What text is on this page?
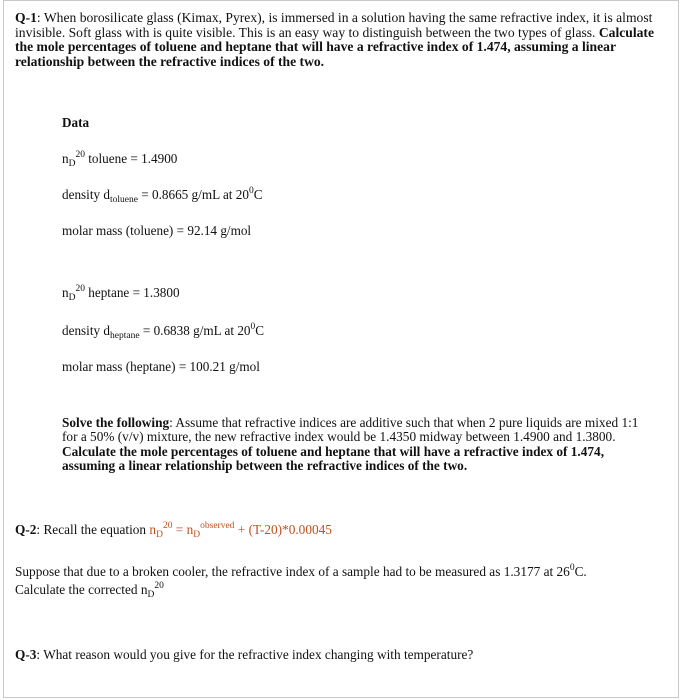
Q-1: When borosilicate glass (Kimax, Pyrex), is immersed in a solution having the same refractive index, it is almost invisible. Soft glass with is quite visible. This is an easy way to distinguish between the two types of glass. Calculate the mole percentages of toluene and heptane that will have a refractive index of 1.474, assuming a linear relationship between the refractive indices of the two.
Data
$n_D^{20}$ toluene = 1.4900
density $d_{toluene} = 0.8665$ g/mL at $20^0C$
molar mass (toluene) = 92.14 g/mol
$n_D^{20}$ heptane = 1.3800
density $d_{heptane} = 0.6838$ g/mL at $20^0C$
molar mass (heptane) = 100.21 g/mol
Solve the following: Assume that refractive indices are additive such that when 2 pure liquids are mixed 1:1 for a 50% (v/v) mixture, the new refractive index would be 1.4350 midway between 1.4900 and 1.3800. Calculate the mole percentages of toluene and heptane that will have a refractive index of 1.474, assuming a linear relationship between the refractive indices of the two.
Q-2: Recall the equation $n_D^{20} = n_D^{observed} + (T-20)*0.00045$
Suppose that due to a broken cooler, the refractive index of a sample had to be measured as 1.3177 at $26^0C$.
Calculate the corrected $n_D^{20}$
Q-3: What reason would you give for the refractive index changing with temperature?
